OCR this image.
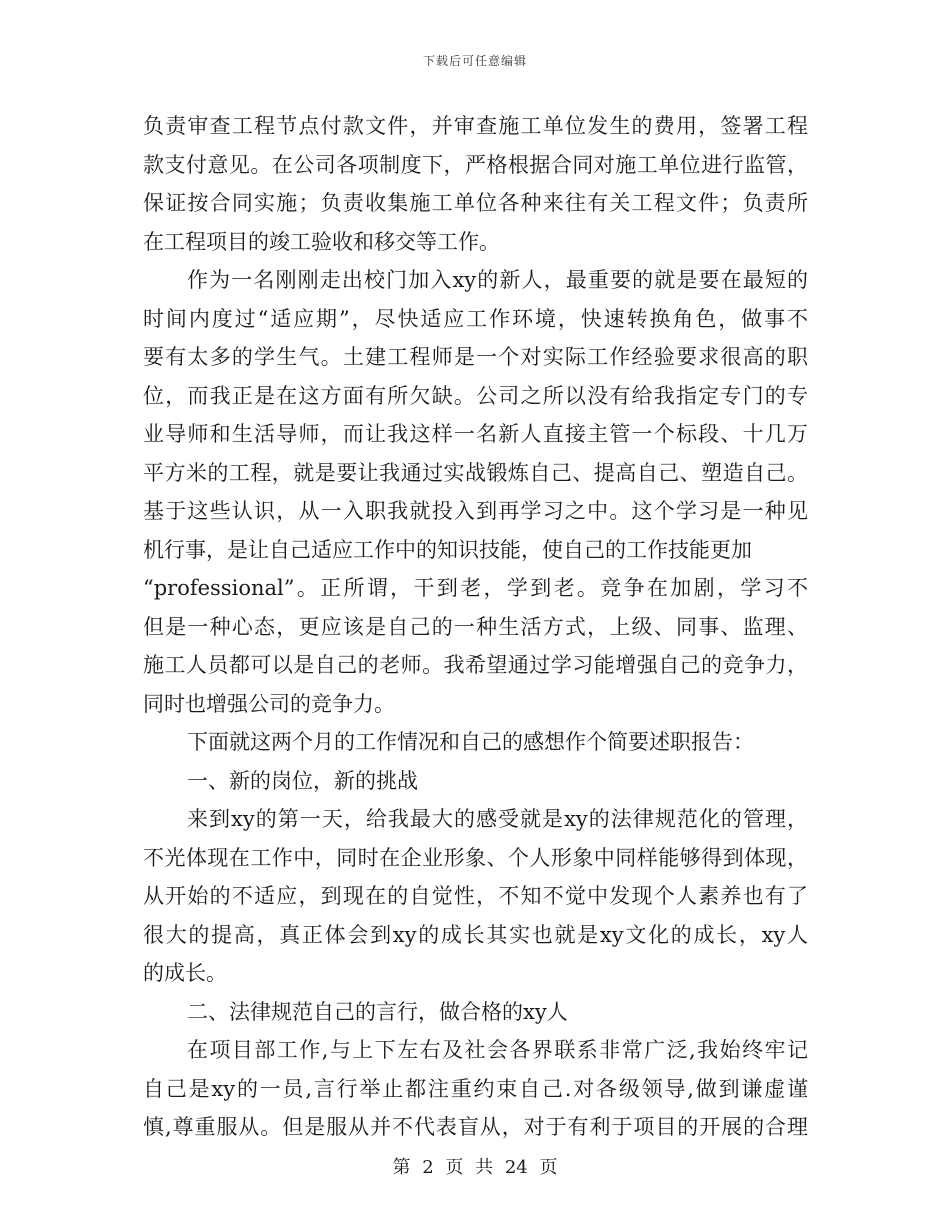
下载后可任意编辑
负责审查工程节点付款文件，并审查施工单位发生的费用，签署工程
款支付意见。在公司各项制度下，严格根据合同对施工单位进行监管，
保证按合同实施；负责收集施工单位各种来往有关工程文件；负责所
在工程项目的竣工验收和移交等工作。
作为一名刚刚走出校门加入xy的新人，最重要的就是要在最短的
时间内度过“适应期”，尽快适应工作环境，快速转换角色，做事不
要有太多的学生气。土建工程师是一个对实际工作经验要求很高的职
位，而我正是在这方面有所欠缺。公司之所以没有给我指定专门的专
业导师和生活导师，而让我这样一名新人直接主管一个标段、十几万
平方米的工程，就是要让我通过实战锻炼自己、提高自己、塑造自己。
基于这些认识，从一入职我就投入到再学习之中。这个学习是一种见
机行事，是让自己适应工作中的知识技能，使自己的工作技能更加
“professional”。正所谓，干到老，学到老。竞争在加剧，学习不
但是一种心态，更应该是自己的一种生活方式，上级、同事、监理、
施工人员都可以是自己的老师。我希望通过学习能增强自己的竞争力，
同时也增强公司的竞争力。
下面就这两个月的工作情况和自己的感想作个简要述职报告：
一、新的岗位，新的挑战
来到xy的第一天，给我最大的感受就是xy的法律规范化的管理，
不光体现在工作中，同时在企业形象、个人形象中同样能够得到体现，
从开始的不适应，到现在的自觉性，不知不觉中发现个人素养也有了
很大的提高，真正体会到xy的成长其实也就是xy文化的成长，xy人
的成长。
二、法律规范自己的言行，做合格的xy人
在项目部工作,与上下左右及社会各界联系非常广泛,我始终牢记
自己是xy的一员,言行举止都注重约束自己.对各级领导,做到谦虚谨
慎,尊重服从。但是服从并不代表盲从，对于有利于项目的开展的合理
第 2 页 共 24 页
